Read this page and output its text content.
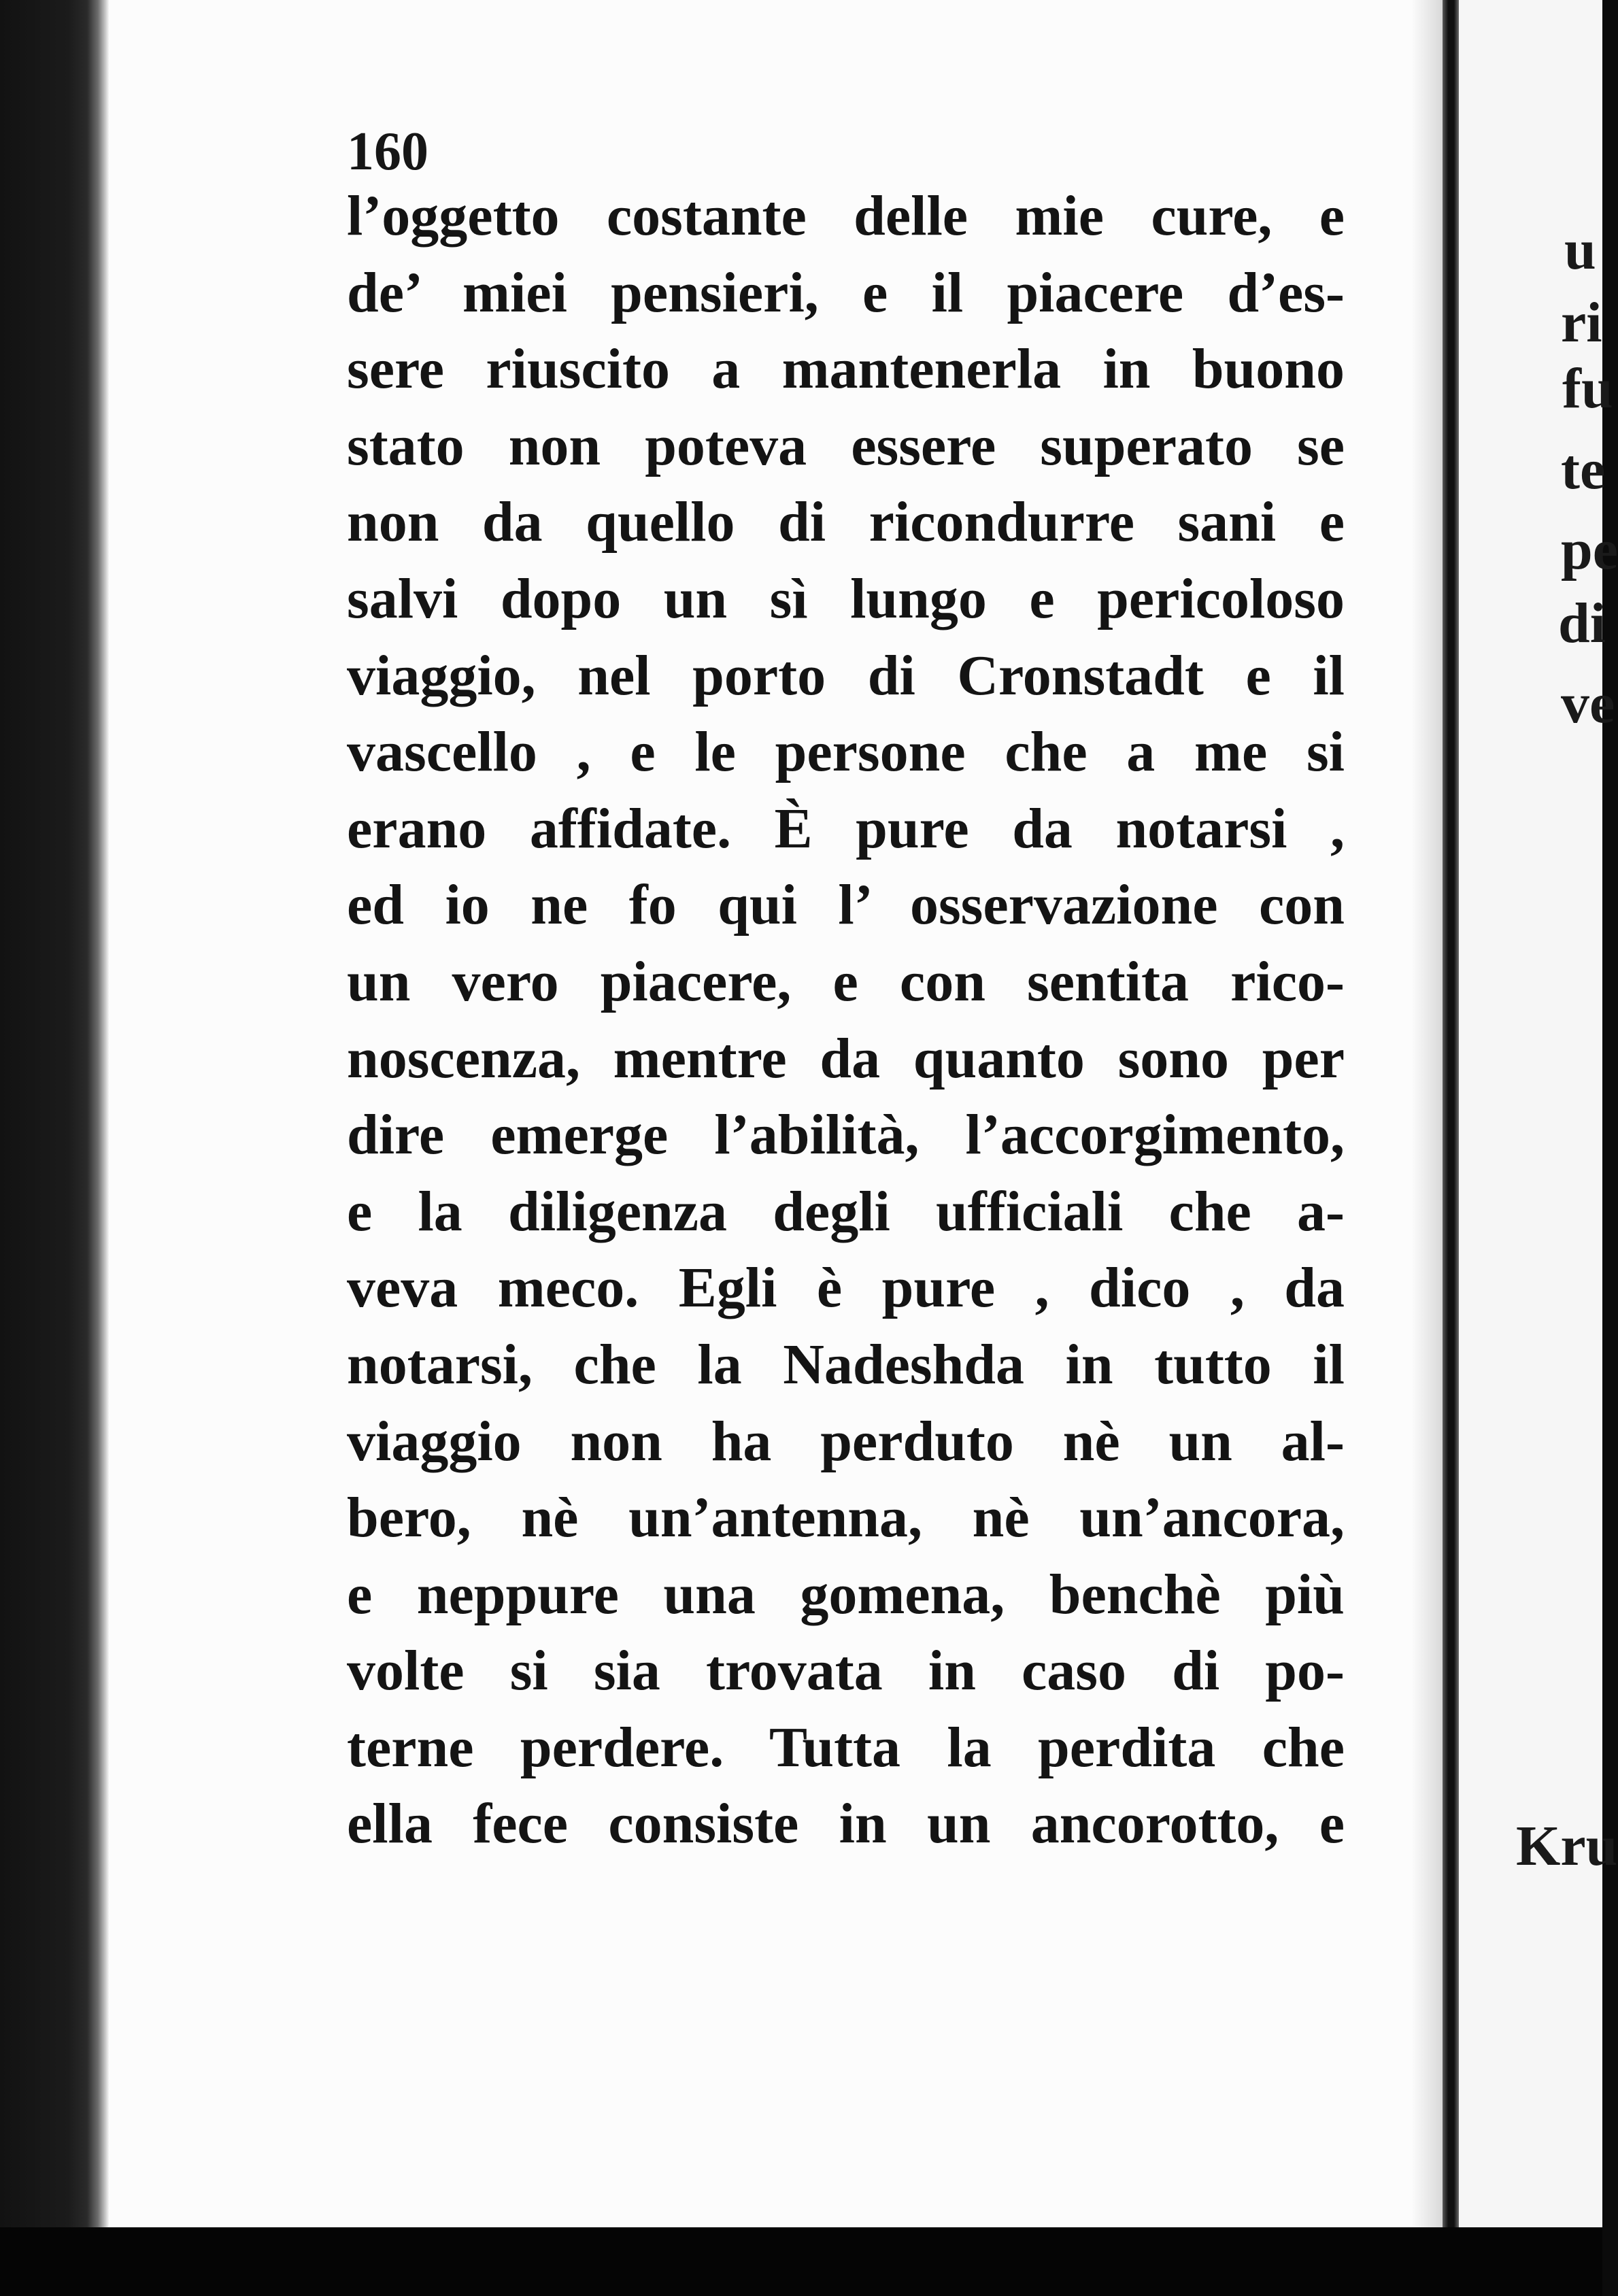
160
l’oggetto costante delle mie cure, e
de’ miei pensieri, e il piacere d’es-
sere riuscito a mantenerla in buono
stato non poteva essere superato se
non da quello di ricondurre sani e
salvi dopo un sì lungo e pericoloso
viaggio, nel porto di Cronstadt e il
vascello , e le persone che a me si
erano affidate. È pure da notarsi ,
ed io ne fo qui l’ osservazione con
un vero piacere, e con sentita rico-
noscenza, mentre da quanto sono per
dire emerge l’abilità, l’accorgimento,
e la diligenza degli ufficiali che a-
veva meco. Egli è pure , dico , da
notarsi, che la Nadeshda in tutto il
viaggio non ha perduto nè un al-
bero, nè un’antenna, nè un’ancora,
e neppure una gomena, benchè più
volte si sia trovata in caso di po-
terne perdere. Tutta la perdita che
ella fece consiste in un ancorotto, e
u
ri
fu
te
pe
di
ve
Kru
